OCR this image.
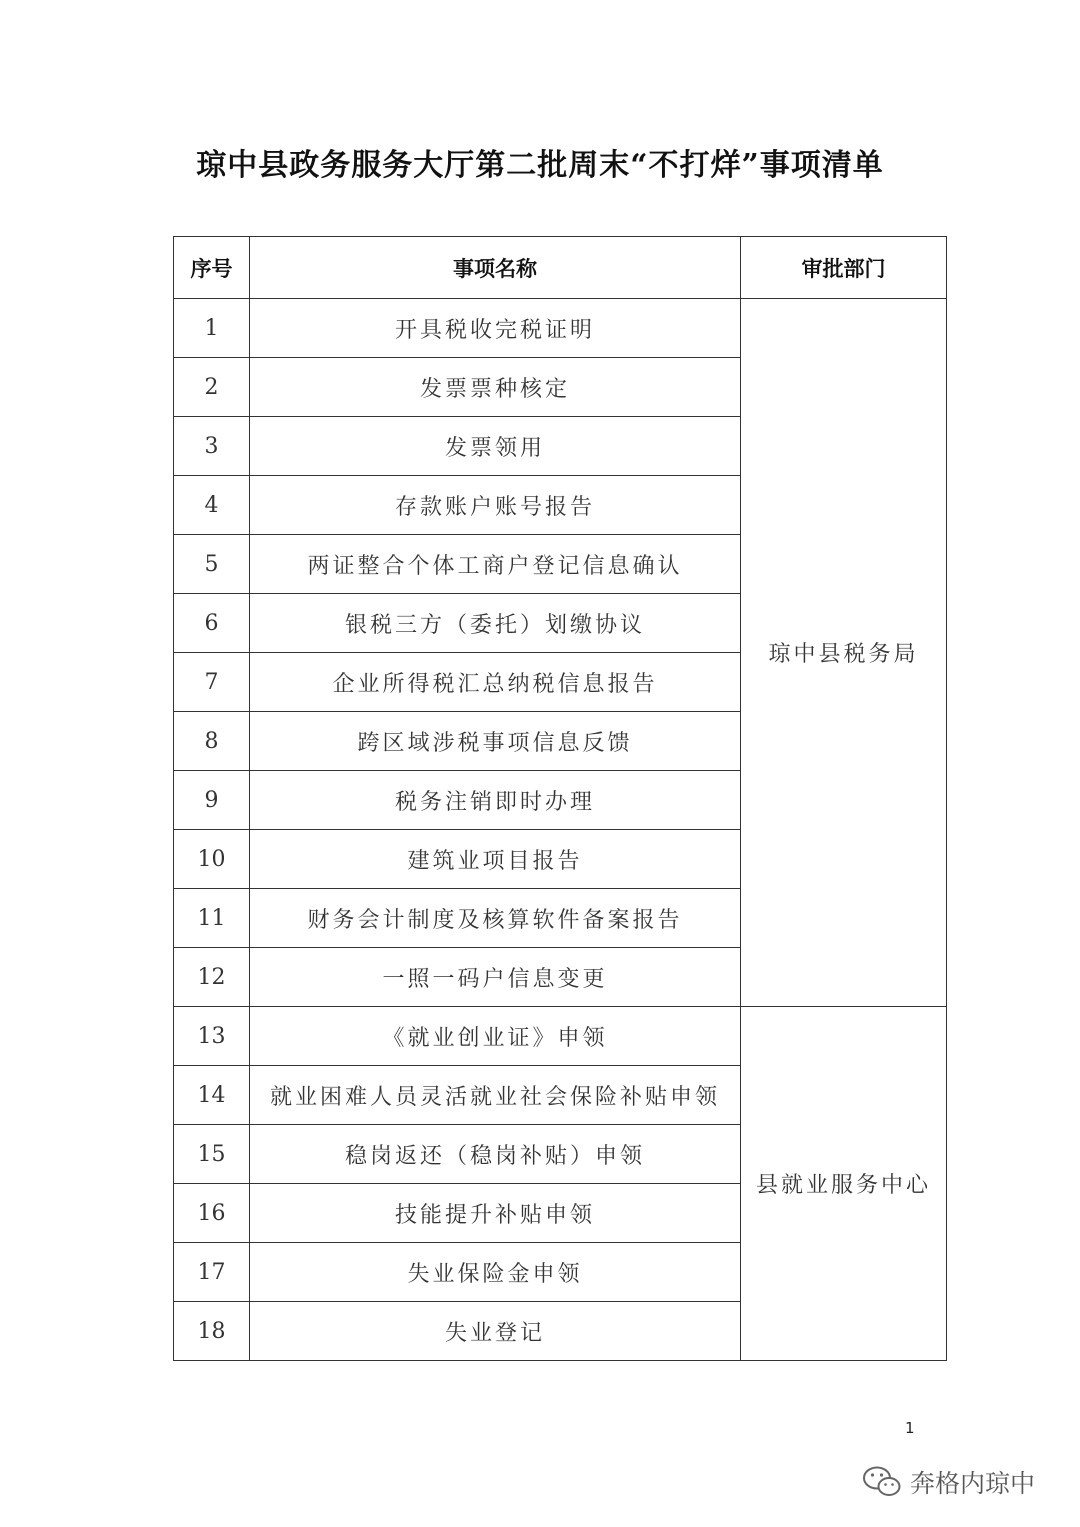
琼中县政务服务大厅第二批周末“不打烊”事项清单
序号	事项名称	审批部门
1	开具税收完税证明	琼中县税务局
2	发票票种核定	
3	发票领用	
4	存款账户账号报告	
5	两证整合个体工商户登记信息确认	
6	银税三方（委托）划缴协议	
7	企业所得税汇总纳税信息报告	
8	跨区域涉税事项信息反馈	
9	税务注销即时办理	
10	建筑业项目报告	
11	财务会计制度及核算软件备案报告	
12	一照一码户信息变更	
13	《就业创业证》申领	县就业服务中心
14	就业困难人员灵活就业社会保险补贴申领	
15	稳岗返还（稳岗补贴）申领	
16	技能提升补贴申领	
17	失业保险金申领	
18	失业登记	
1
奔格内琼中
